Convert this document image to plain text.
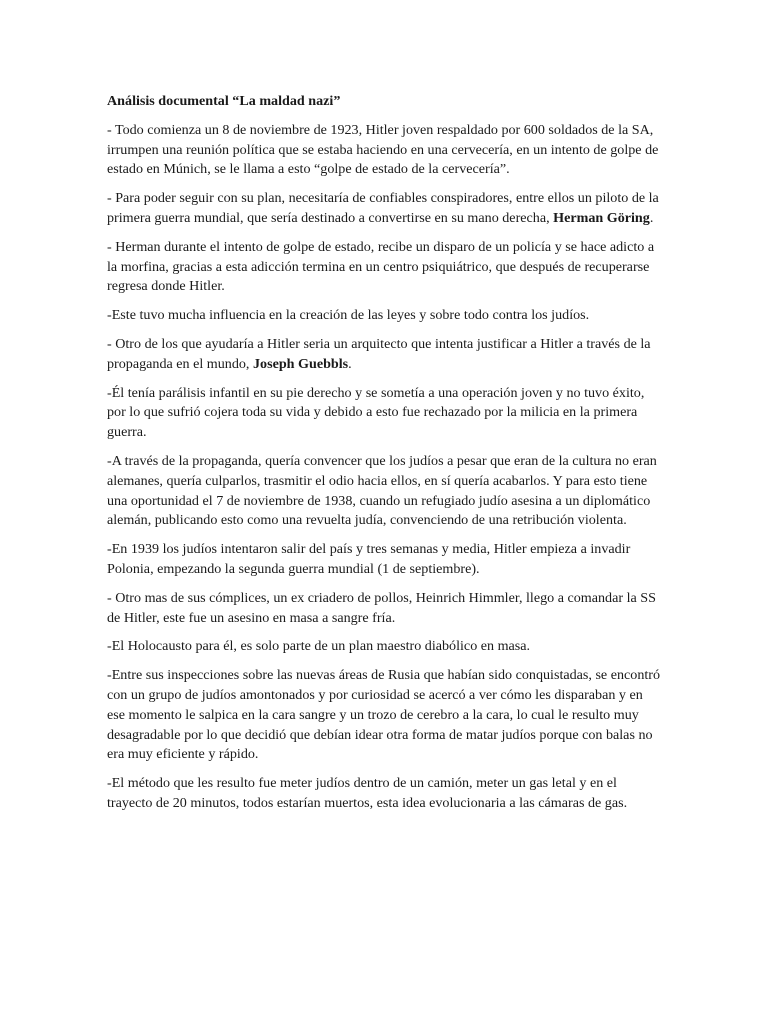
Análisis documental “La maldad nazi”

- Todo comienza un 8 de noviembre de 1923, Hitler joven respaldado por 600 soldados de la SA, irrumpen una reunión política que se estaba haciendo en una cervecería, en un intento de golpe de estado en Múnich, se le llama a esto “golpe de estado de la cervecería”.

- Para poder seguir con su plan, necesitaría de confiables conspiradores, entre ellos un piloto de la primera guerra mundial, que sería destinado a convertirse en su mano derecha, Herman Göring.

- Herman durante el intento de golpe de estado, recibe un disparo de un policía y se hace adicto a la morfina, gracias a esta adicción termina en un centro psiquiátrico, que después de recuperarse regresa donde Hitler.

-Este tuvo mucha influencia en la creación de las leyes y sobre todo contra los judíos.

- Otro de los que ayudaría a Hitler seria un arquitecto que intenta justificar a Hitler a través de la propaganda en el mundo, Joseph Guebbls.

-Él tenía parálisis infantil en su pie derecho y se sometía a una operación joven y no tuvo éxito, por lo que sufrió cojera toda su vida y debido a esto fue rechazado por la milicia en la primera guerra.

-A través de la propaganda, quería convencer que los judíos a pesar que eran de la cultura no eran alemanes, quería culparlos, trasmitir el odio hacia ellos, en sí quería acabarlos. Y para esto tiene una oportunidad el 7 de noviembre de 1938, cuando un refugiado judío asesina a un diplomático alemán, publicando esto como una revuelta judía, convenciendo de una retribución violenta.

-En 1939 los judíos intentaron salir del país y tres semanas y media, Hitler empieza a invadir Polonia, empezando la segunda guerra mundial (1 de septiembre).

- Otro mas de sus cómplices, un ex criadero de pollos, Heinrich Himmler, llego a comandar la SS de Hitler, este fue un asesino en masa a sangre fría.

-El Holocausto para él, es solo parte de un plan maestro diabólico en masa.

-Entre sus inspecciones sobre las nuevas áreas de Rusia que habían sido conquistadas, se encontró con un grupo de judíos amontonados y por curiosidad se acercó a ver cómo les disparaban y en ese momento le salpica en la cara sangre y un trozo de cerebro a la cara, lo cual le resulto muy desagradable por lo que decidió que debían idear otra forma de matar judíos porque con balas no era muy eficiente y rápido.

-El método que les resulto fue meter judíos dentro de un camión, meter un gas letal y en el trayecto de 20 minutos, todos estarían muertos, esta idea evolucionaria a las cámaras de gas.
